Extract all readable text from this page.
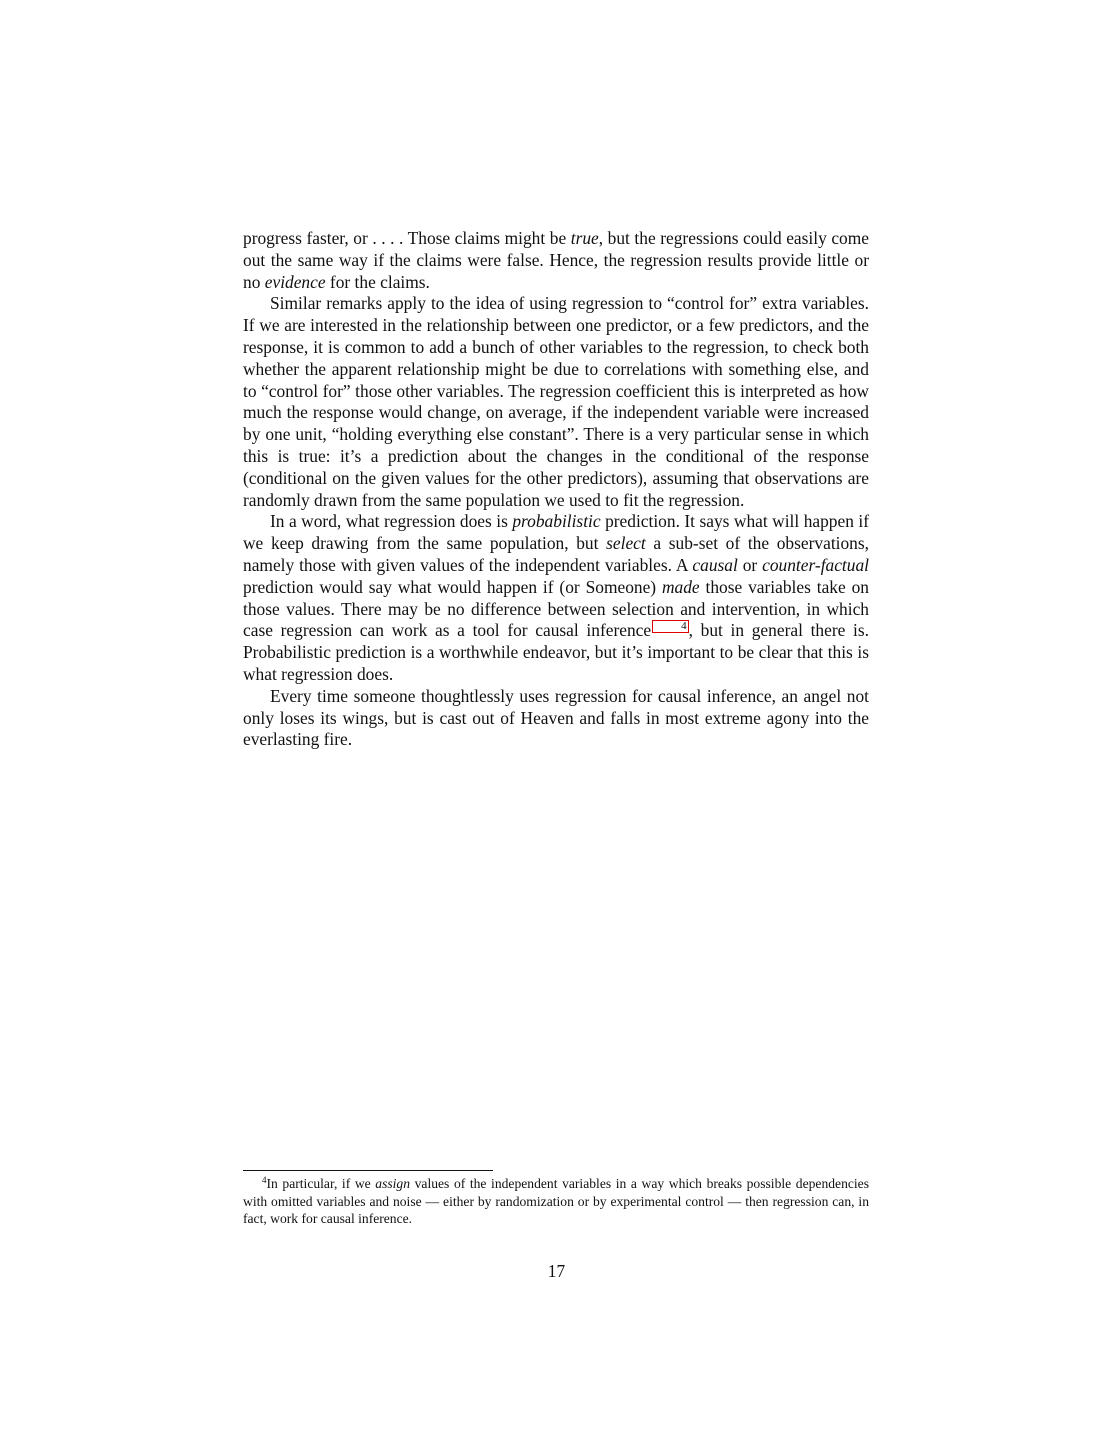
progress faster, or . . . . Those claims might be true, but the regressions could easily come out the same way if the claims were false. Hence, the regression results provide little or no evidence for the claims.

Similar remarks apply to the idea of using regression to “control for” extra variables. If we are interested in the relationship between one predictor, or a few predictors, and the response, it is common to add a bunch of other variables to the regression, to check both whether the apparent relationship might be due to correlations with something else, and to “control for” those other variables. The regression coefficient this is interpreted as how much the response would change, on average, if the independent variable were increased by one unit, “holding everything else constant”. There is a very particular sense in which this is true: it’s a prediction about the changes in the conditional of the response (conditional on the given values for the other predictors), assuming that observations are randomly drawn from the same population we used to fit the regression.

In a word, what regression does is probabilistic prediction. It says what will happen if we keep drawing from the same population, but select a sub-set of the observations, namely those with given values of the independent variables. A causal or counter-factual prediction would say what would happen if (or Someone) made those variables take on those values. There may be no difference between selection and intervention, in which case regression can work as a tool for causal inference	4 , but in general there is. Probabilistic prediction is a worthwhile endeavor, but it’s important to be clear that this is what regression does.

Every time someone thoughtlessly uses regression for causal inference, an angel not only loses its wings, but is cast out of Heaven and falls in most extreme agony into the everlasting fire.

$^4$In particular, if we assign values of the independent variables in a way which breaks possible dependencies with omitted variables and noise — either by randomization or by experimental control — then regression can, in fact, work for causal inference.
17
